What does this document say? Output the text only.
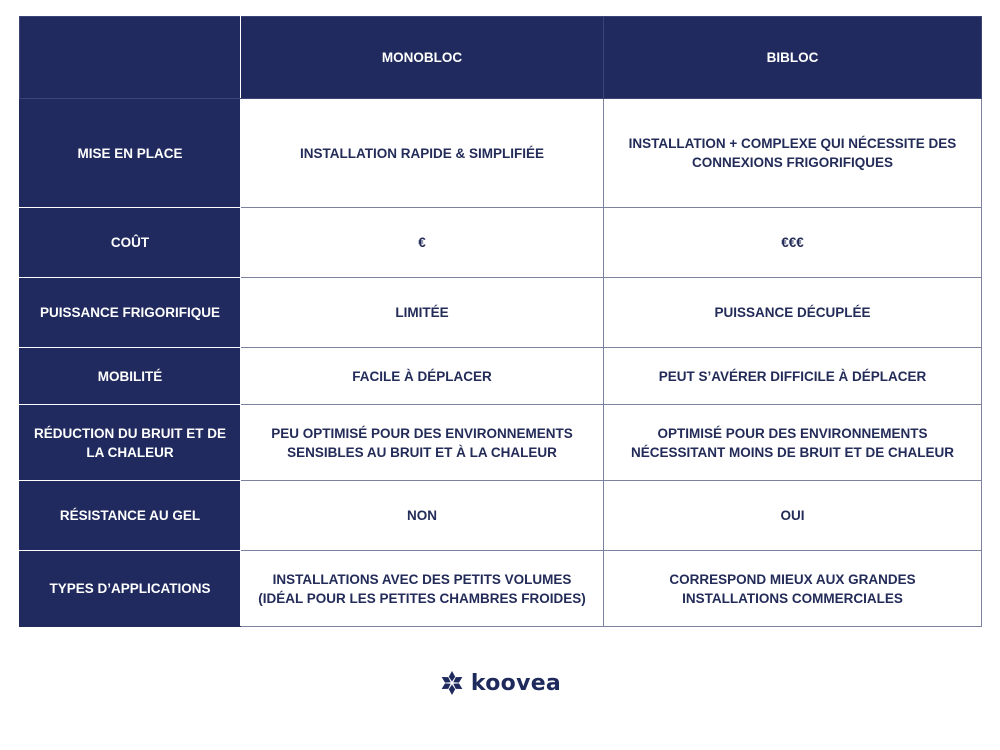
	MONOBLOC	BIBLOC
MISE EN PLACE	INSTALLATION RAPIDE & SIMPLIFIÉE	INSTALLATION + COMPLEXE QUI NÉCESSITE DES CONNEXIONS FRIGORIFIQUES
COÛT	€	€€€
PUISSANCE FRIGORIFIQUE	LIMITÉE	PUISSANCE DÉCUPLÉE
MOBILITÉ	FACILE À DÉPLACER	PEUT S’AVÉRER DIFFICILE À DÉPLACER
RÉDUCTION DU BRUIT ET DE LA CHALEUR	PEU OPTIMISÉ POUR DES ENVIRONNEMENTS SENSIBLES AU BRUIT ET À LA CHALEUR	OPTIMISÉ POUR DES ENVIRONNEMENTS NÉCESSITANT MOINS DE BRUIT ET DE CHALEUR
RÉSISTANCE AU GEL	NON	OUI
TYPES D’APPLICATIONS	INSTALLATIONS AVEC DES PETITS VOLUMES (IDÉAL POUR LES PETITES CHAMBRES FROIDES)	CORRESPOND MIEUX AUX GRANDES INSTALLATIONS COMMERCIALES
koovea
